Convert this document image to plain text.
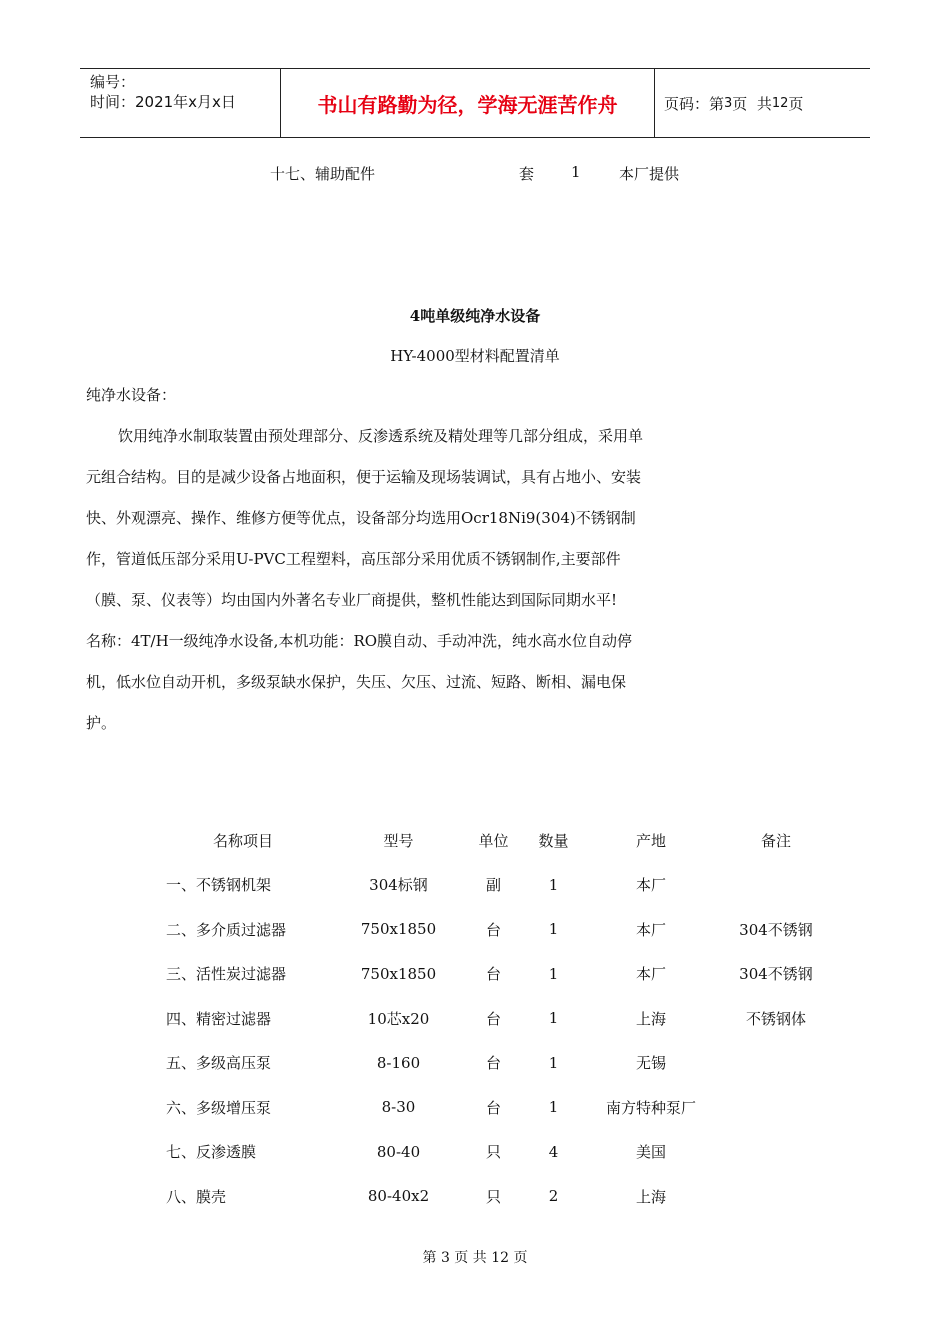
编号：
时间：2021年x月x日	书山有路勤为径，学海无涯苦作舟	页码：第 3 页  共 12 页
十七、辅助配件	套 1	本厂提供
4吨单级纯净水设备
HY-4000型材料配置清单
纯净水设备：
饮用纯净水制取装置由预处理部分、反渗透系统及精处理等几部分组成，采用单
元组合结构。目的是减少设备占地面积，便于运输及现场装调试，具有占地小、安装
快、外观漂亮、操作、维修方便等优点，设备部分均选用Ocr18Ni9(304)不锈钢制
作，管道低压部分采用U-PVC工程塑料，高压部分采用优质不锈钢制作,主要部件
（膜、泵、仪表等）均由国内外著名专业厂商提供，整机性能达到国际同期水平!
名称：4T/H一级纯净水设备,本机功能：RO膜自动、手动冲洗，纯水高水位自动停
机，低水位自动开机，多级泵缺水保护，失压、欠压、过流、短路、断相、漏电保
护。
名称项目	型号	单位	数量	产地	备注
一、不锈钢机架	304标钢	副	1	本厂	
二、多介质过滤器	750x1850	台	1	本厂	304不锈钢
三、活性炭过滤器	750x1850	台	1	本厂	304不锈钢
四、精密过滤器	10芯x20	台	1	上海	不锈钢体
五、多级高压泵	8-160	台	1	无锡	
六、多级增压泵	8-30	台	1	南方特种泵厂	
七、反渗透膜	80-40	只	4	美国	
八、膜壳	80-40x2	只	2	上海	
第 3 页 共 12 页
